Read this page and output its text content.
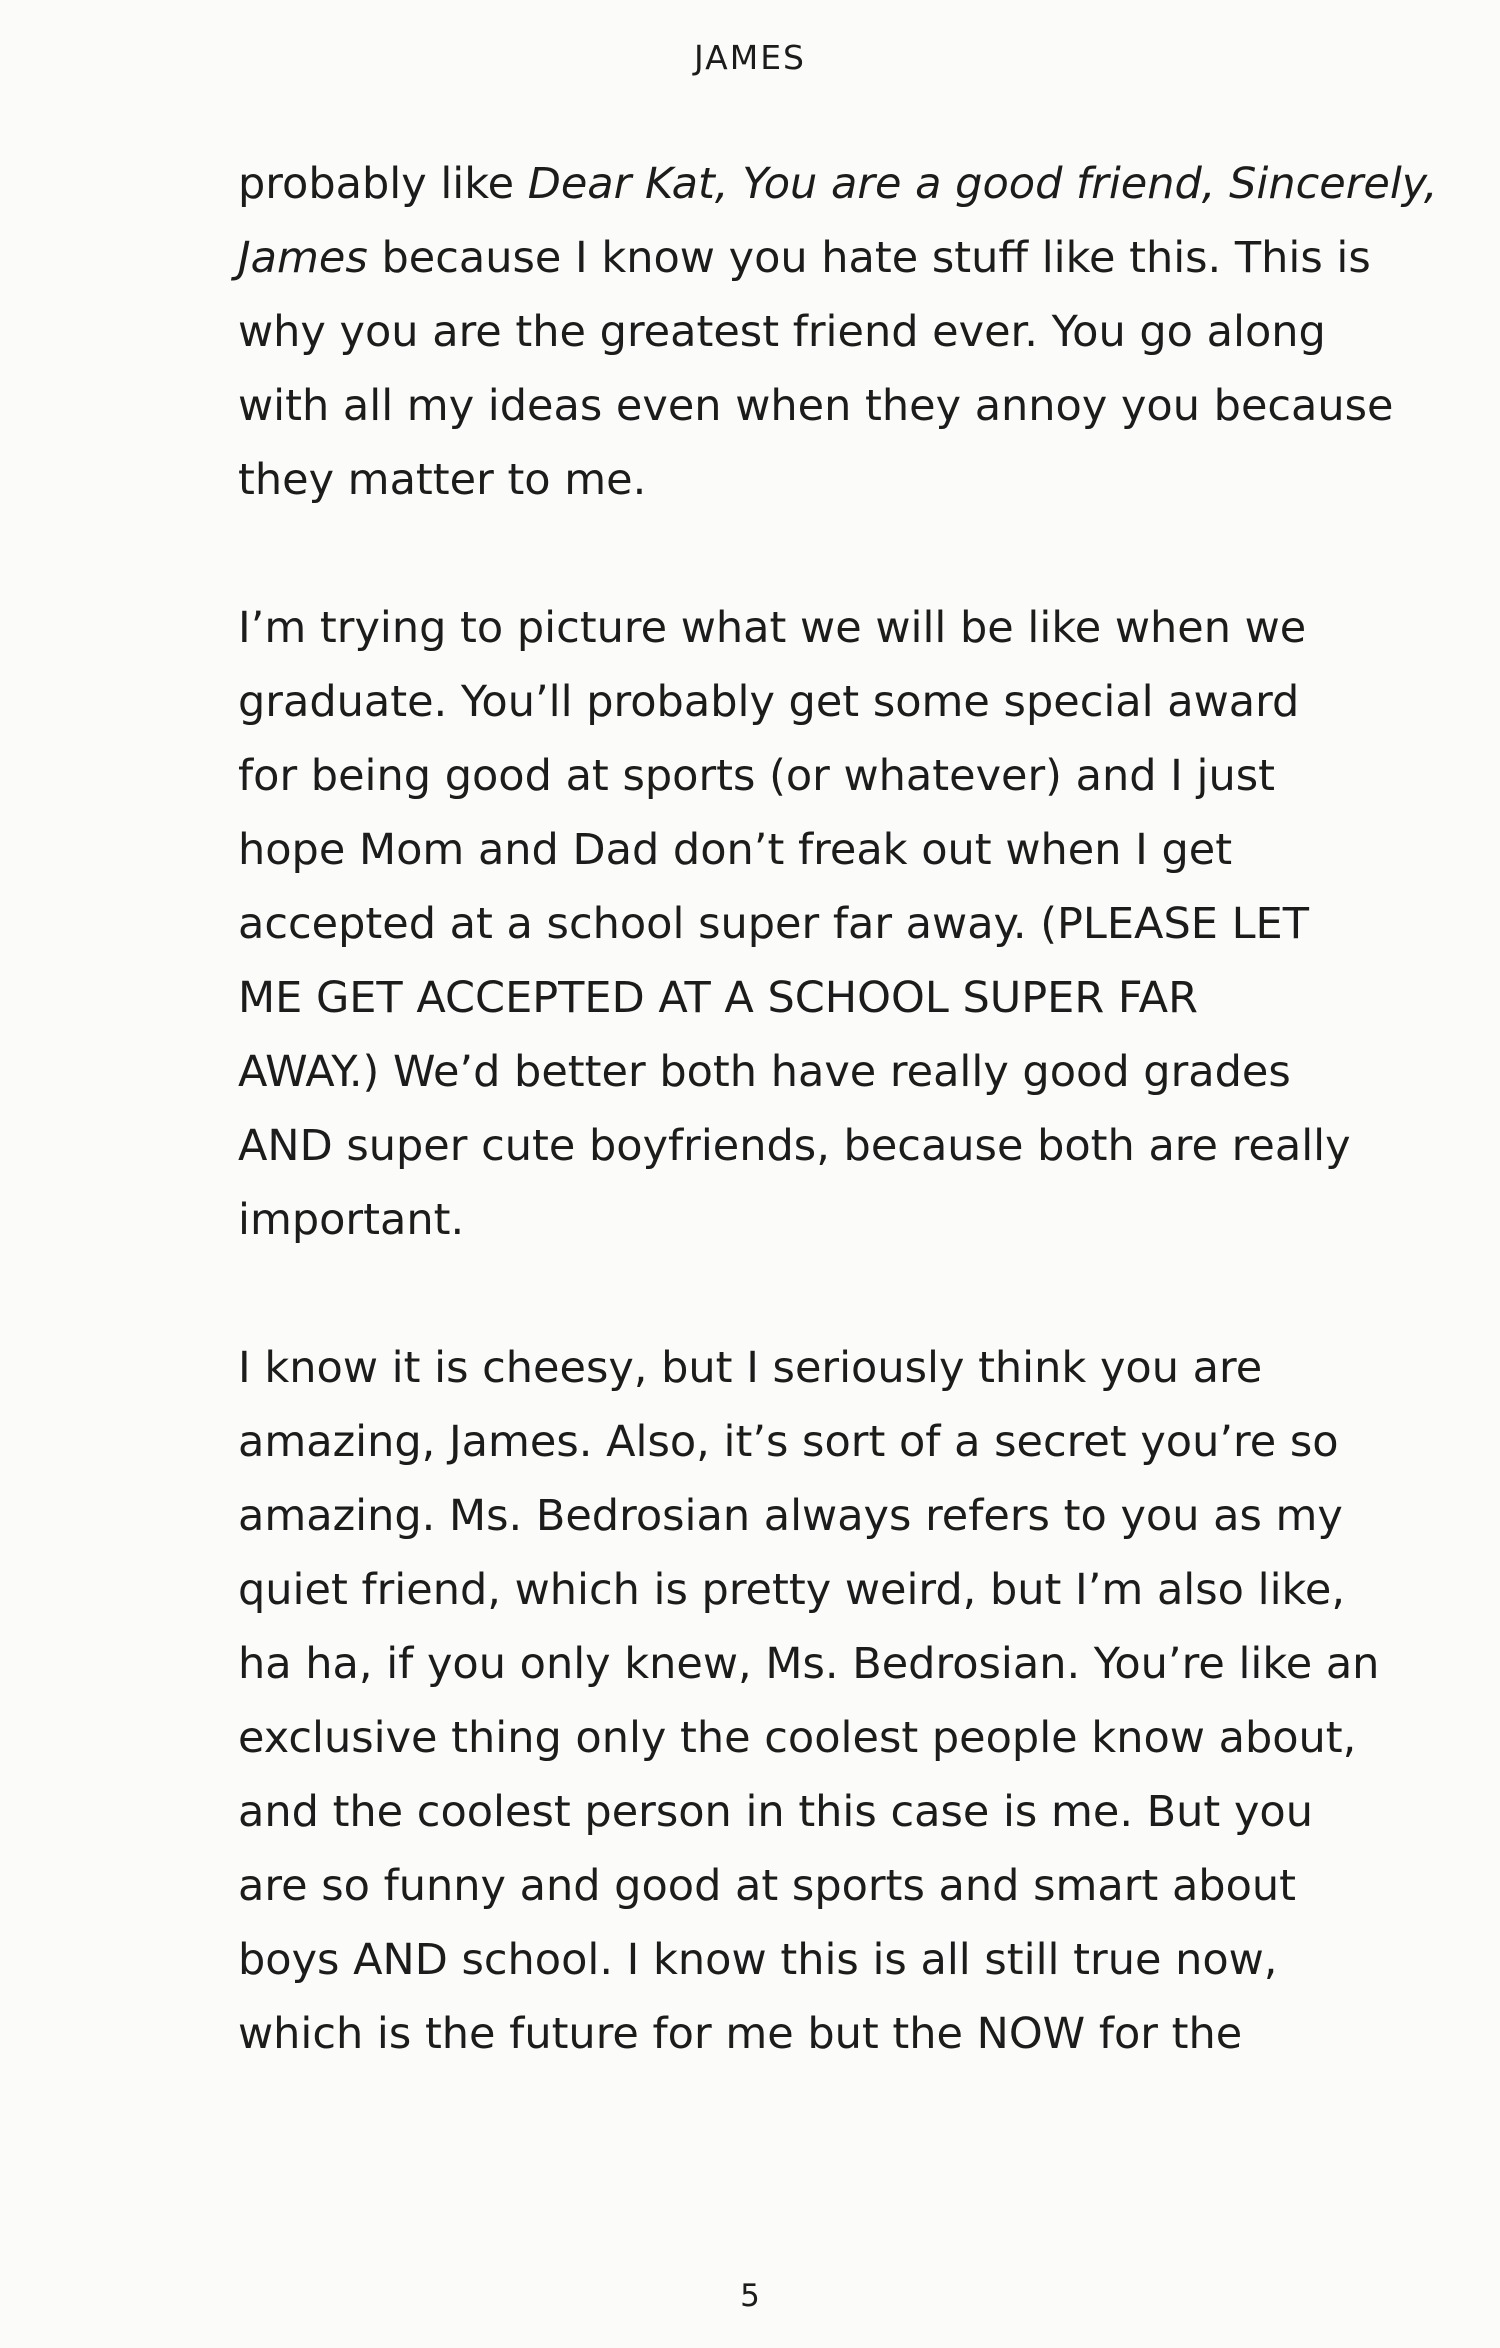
JAMES
probably like Dear Kat, You are a good friend, Sincerely,
James because I know you hate stuff like this. This is
why you are the greatest friend ever. You go along
with all my ideas even when they annoy you because
they matter to me.
I’m trying to picture what we will be like when we
graduate. You’ll probably get some special award
for being good at sports (or whatever) and I just
hope Mom and Dad don’t freak out when I get
accepted at a school super far away. (PLEASE LET
ME GET ACCEPTED AT A SCHOOL SUPER FAR
AWAY.) We’d better both have really good grades
AND super cute boyfriends, because both are really
important.
I know it is cheesy, but I seriously think you are
amazing, James. Also, it’s sort of a secret you’re so
amazing. Ms. Bedrosian always refers to you as my
quiet friend, which is pretty weird, but I’m also like,
ha ha, if you only knew, Ms. Bedrosian. You’re like an
exclusive thing only the coolest people know about,
and the coolest person in this case is me. But you
are so funny and good at sports and smart about
boys AND school. I know this is all still true now,
which is the future for me but the NOW for the
5
